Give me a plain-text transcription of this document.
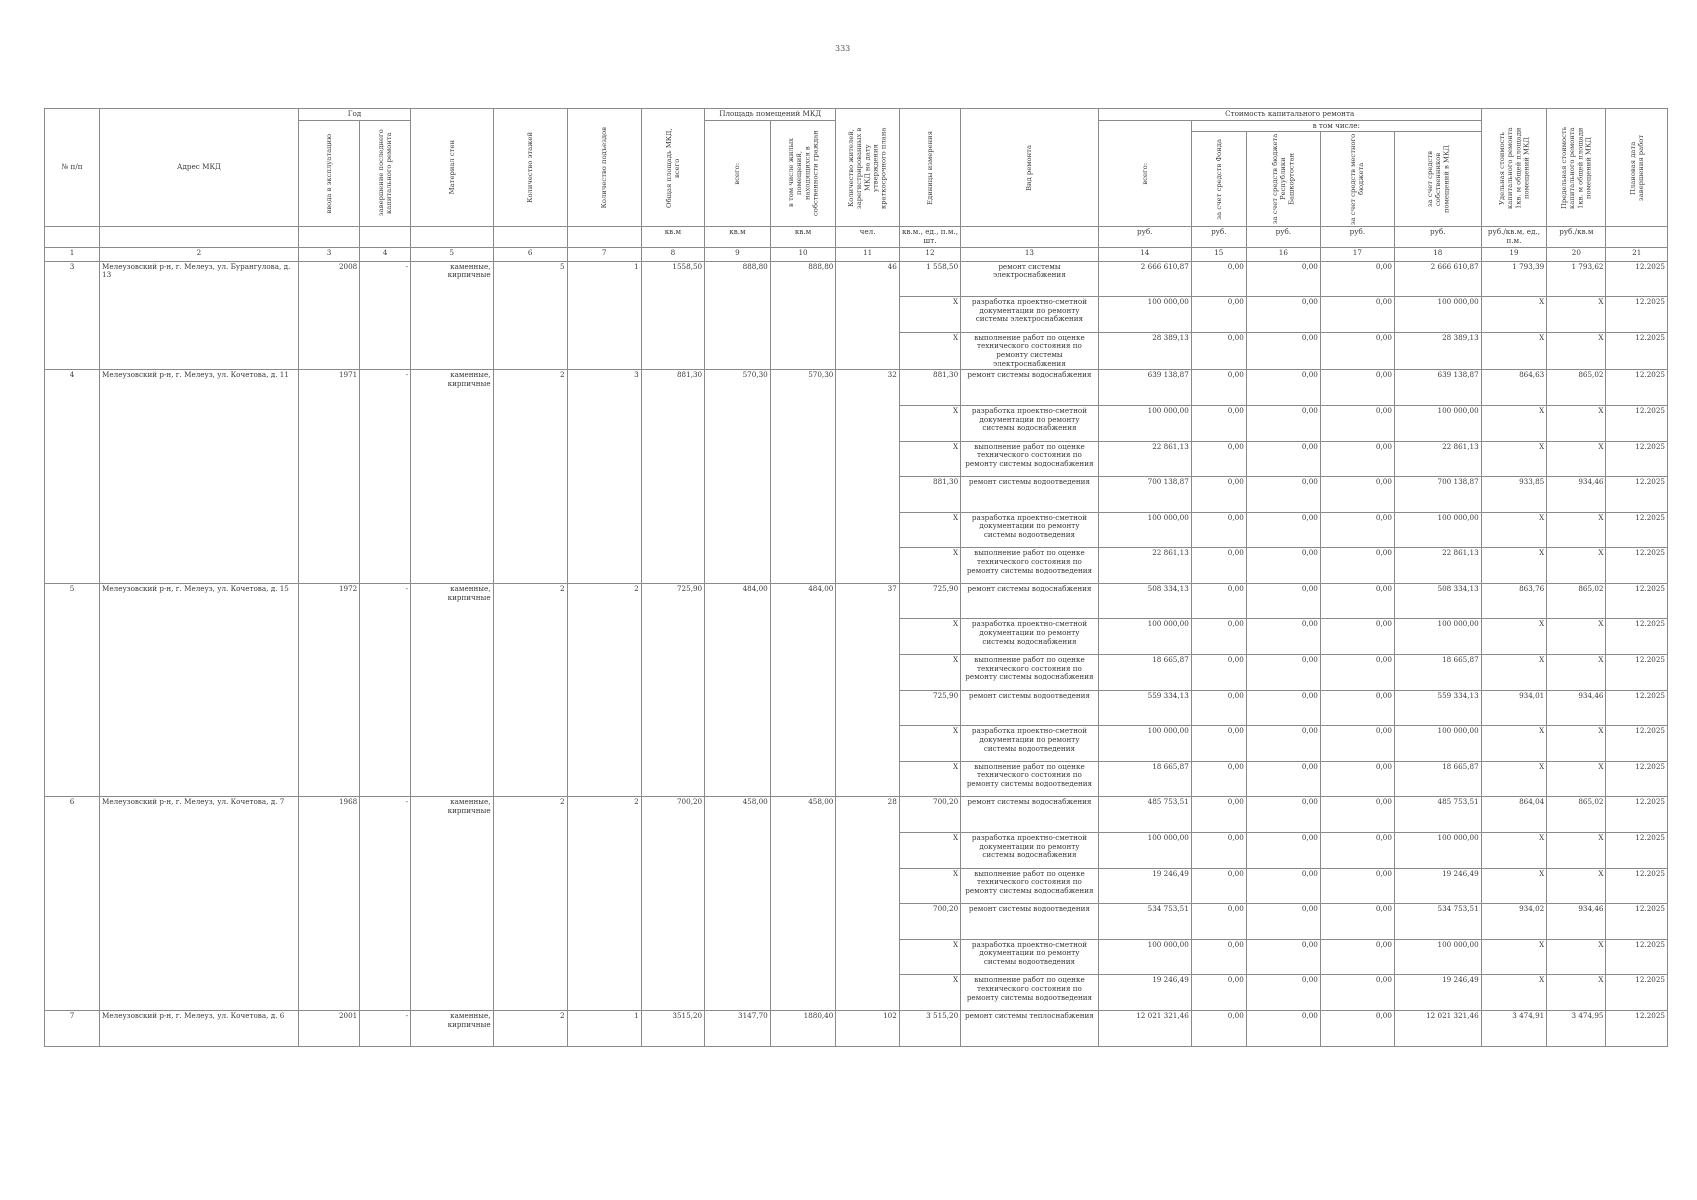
333
№ п/п	Адрес МКД	Год		Материал стен	Количество этажей	Количество подъездов	Общая площадь МКД, всего	Площадь помещений МКД		Количество жителей, зарегистрированных в МКД на дату утверждения краткосрочного плана	Единицы измерения	Вид ремонта	Стоимость капитального ремонта					Удельная стоимость капитального ремонта 1кв. м общей площади помещений МКД	Предельная стоимость капитального ремонта 1кв. м общей площади помещений МКД	Плановая дата завершения работ

		ввода в эксплуатацию	завершение последнего капитального ремонта					всего:	в том числе жилых помещений, находящихся в собственности граждан				всего:	в том числе:						

														за счет средств Фонда	за счет средств бюджета Республики Башкортостан	за счет средств местного бюджета	за счет средств собственников помещений в МКД			

							кв.м	кв.м	кв.м	чел.	кв.м., ед., п.м., шт.		руб.	руб.	руб.	руб.	руб.	руб./кв.м, ед., п.м.	руб./кв.м	
1	2	3	4	5	6	7	8	9	10	11	12	13	14	15	16	17	18	19	20	21
3	Мелеузовский р-н, г. Мелеуз, ул. Бурангулова, д. 13	2008	-	каменные, кирпичные	5	1	1558,50	888,80	888,80	46	1 558,50	ремонт системы электроснабжения	2 666 610,87	0,00	0,00	0,00	2 666 610,87	1 793,39	1 793,62	12.2025
											X	разработка проектно-сметной документации по ремонту системы электроснабжения	100 000,00	0,00	0,00	0,00	100 000,00	X	X	12.2025
											X	выполнение работ по оценке технического состояния по ремонту системы электроснабжения	28 389,13	0,00	0,00	0,00	28 389,13	X	X	12.2025
4	Мелеузовский р-н, г. Мелеуз, ул. Кочетова, д. 11	1971	-	каменные, кирпичные	2	3	881,30	570,30	570,30	32	881,30	ремонт системы водоснабжения	639 138,87	0,00	0,00	0,00	639 138,87	864,63	865,02	12.2025
											X	разработка проектно-сметной документации по ремонту системы водоснабжения	100 000,00	0,00	0,00	0,00	100 000,00	X	X	12.2025
											X	выполнение работ по оценке технического состояния по ремонту системы водоснабжения	22 861,13	0,00	0,00	0,00	22 861,13	X	X	12.2025
											881,30	ремонт системы водоотведения	700 138,87	0,00	0,00	0,00	700 138,87	933,85	934,46	12.2025
											X	разработка проектно-сметной документации по ремонту системы водоотведения	100 000,00	0,00	0,00	0,00	100 000,00	X	X	12.2025
											X	выполнение работ по оценке технического состояния по ремонту системы водоотведения	22 861,13	0,00	0,00	0,00	22 861,13	X	X	12.2025
5	Мелеузовский р-н, г. Мелеуз, ул. Кочетова, д. 15	1972	-	каменные, кирпичные	2	2	725,90	484,00	484,00	37	725,90	ремонт системы водоснабжения	508 334,13	0,00	0,00	0,00	508 334,13	863,76	865,02	12.2025
											X	разработка проектно-сметной документации по ремонту системы водоснабжения	100 000,00	0,00	0,00	0,00	100 000,00	X	X	12.2025
											X	выполнение работ по оценке технического состояния по ремонту системы водоснабжения	18 665,87	0,00	0,00	0,00	18 665,87	X	X	12.2025
											725,90	ремонт системы водоотведения	559 334,13	0,00	0,00	0,00	559 334,13	934,01	934,46	12.2025
											X	разработка проектно-сметной документации по ремонту системы водоотведения	100 000,00	0,00	0,00	0,00	100 000,00	X	X	12.2025
											X	выполнение работ по оценке технического состояния по ремонту системы водоотведения	18 665,87	0,00	0,00	0,00	18 665,87	X	X	12.2025
6	Мелеузовский р-н, г. Мелеуз, ул. Кочетова, д. 7	1968	-	каменные, кирпичные	2	2	700,20	458,00	458,00	28	700,20	ремонт системы водоснабжения	485 753,51	0,00	0,00	0,00	485 753,51	864,04	865,02	12.2025
											X	разработка проектно-сметной документации по ремонту системы водоснабжения	100 000,00	0,00	0,00	0,00	100 000,00	X	X	12.2025
											X	выполнение работ по оценке технического состояния по ремонту системы водоснабжения	19 246,49	0,00	0,00	0,00	19 246,49	X	X	12.2025
											700,20	ремонт системы водоотведения	534 753,51	0,00	0,00	0,00	534 753,51	934,02	934,46	12.2025
											X	разработка проектно-сметной документации по ремонту системы водоотведения	100 000,00	0,00	0,00	0,00	100 000,00	X	X	12.2025
											X	выполнение работ по оценке технического состояния по ремонту системы водоотведения	19 246,49	0,00	0,00	0,00	19 246,49	X	X	12.2025
7	Мелеузовский р-н, г. Мелеуз, ул. Кочетова, д. 6	2001	-	каменные, кирпичные	2	1	3515,20	3147,70	1880,40	102	3 515,20	ремонт системы теплоснабжения	12 021 321,46	0,00	0,00	0,00	12 021 321,46	3 474,91	3 474,95	12.2025
